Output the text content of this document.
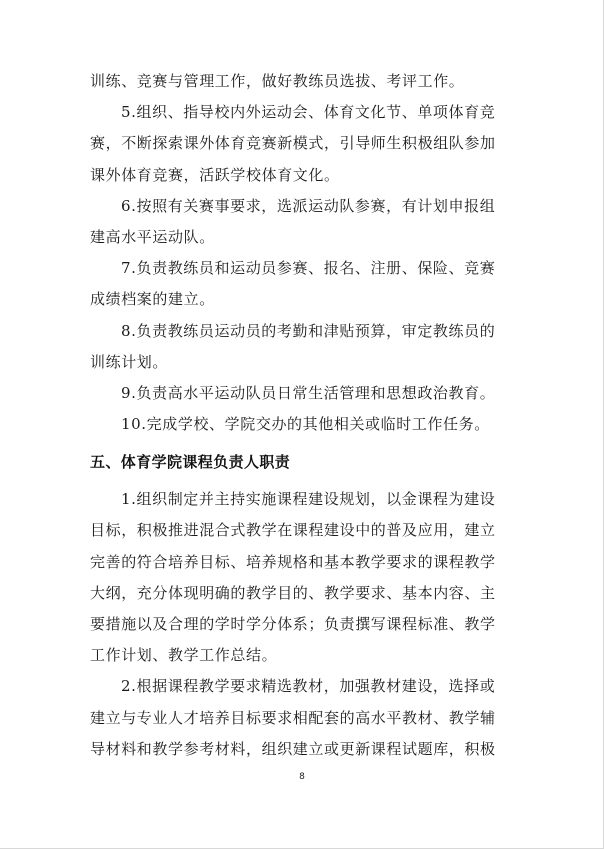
训练、竞赛与管理工作，做好教练员选拔、考评工作。
5.组织、指导校内外运动会、体育文化节、单项体育竞
赛，不断探索课外体育竞赛新模式，引导师生积极组队参加
课外体育竞赛，活跃学校体育文化。
6.按照有关赛事要求，选派运动队参赛，有计划申报组
建高水平运动队。
7.负责教练员和运动员参赛、报名、注册、保险、竞赛
成绩档案的建立。
8.负责教练员运动员的考勤和津贴预算，审定教练员的
训练计划。
9.负责高水平运动队员日常生活管理和思想政治教育。
10.完成学校、学院交办的其他相关或临时工作任务。
五、体育学院课程负责人职责
1.组织制定并主持实施课程建设规划，以金课程为建设
目标，积极推进混合式教学在课程建设中的普及应用，建立
完善的符合培养目标、培养规格和基本教学要求的课程教学
大纲，充分体现明确的教学目的、教学要求、基本内容、主
要措施以及合理的学时学分体系；负责撰写课程标准、教学
工作计划、教学工作总结。
2.根据课程教学要求精选教材，加强教材建设，选择或
建立与专业人才培养目标要求相配套的高水平教材、教学辅
导材料和教学参考材料，组织建立或更新课程试题库，积极
8
